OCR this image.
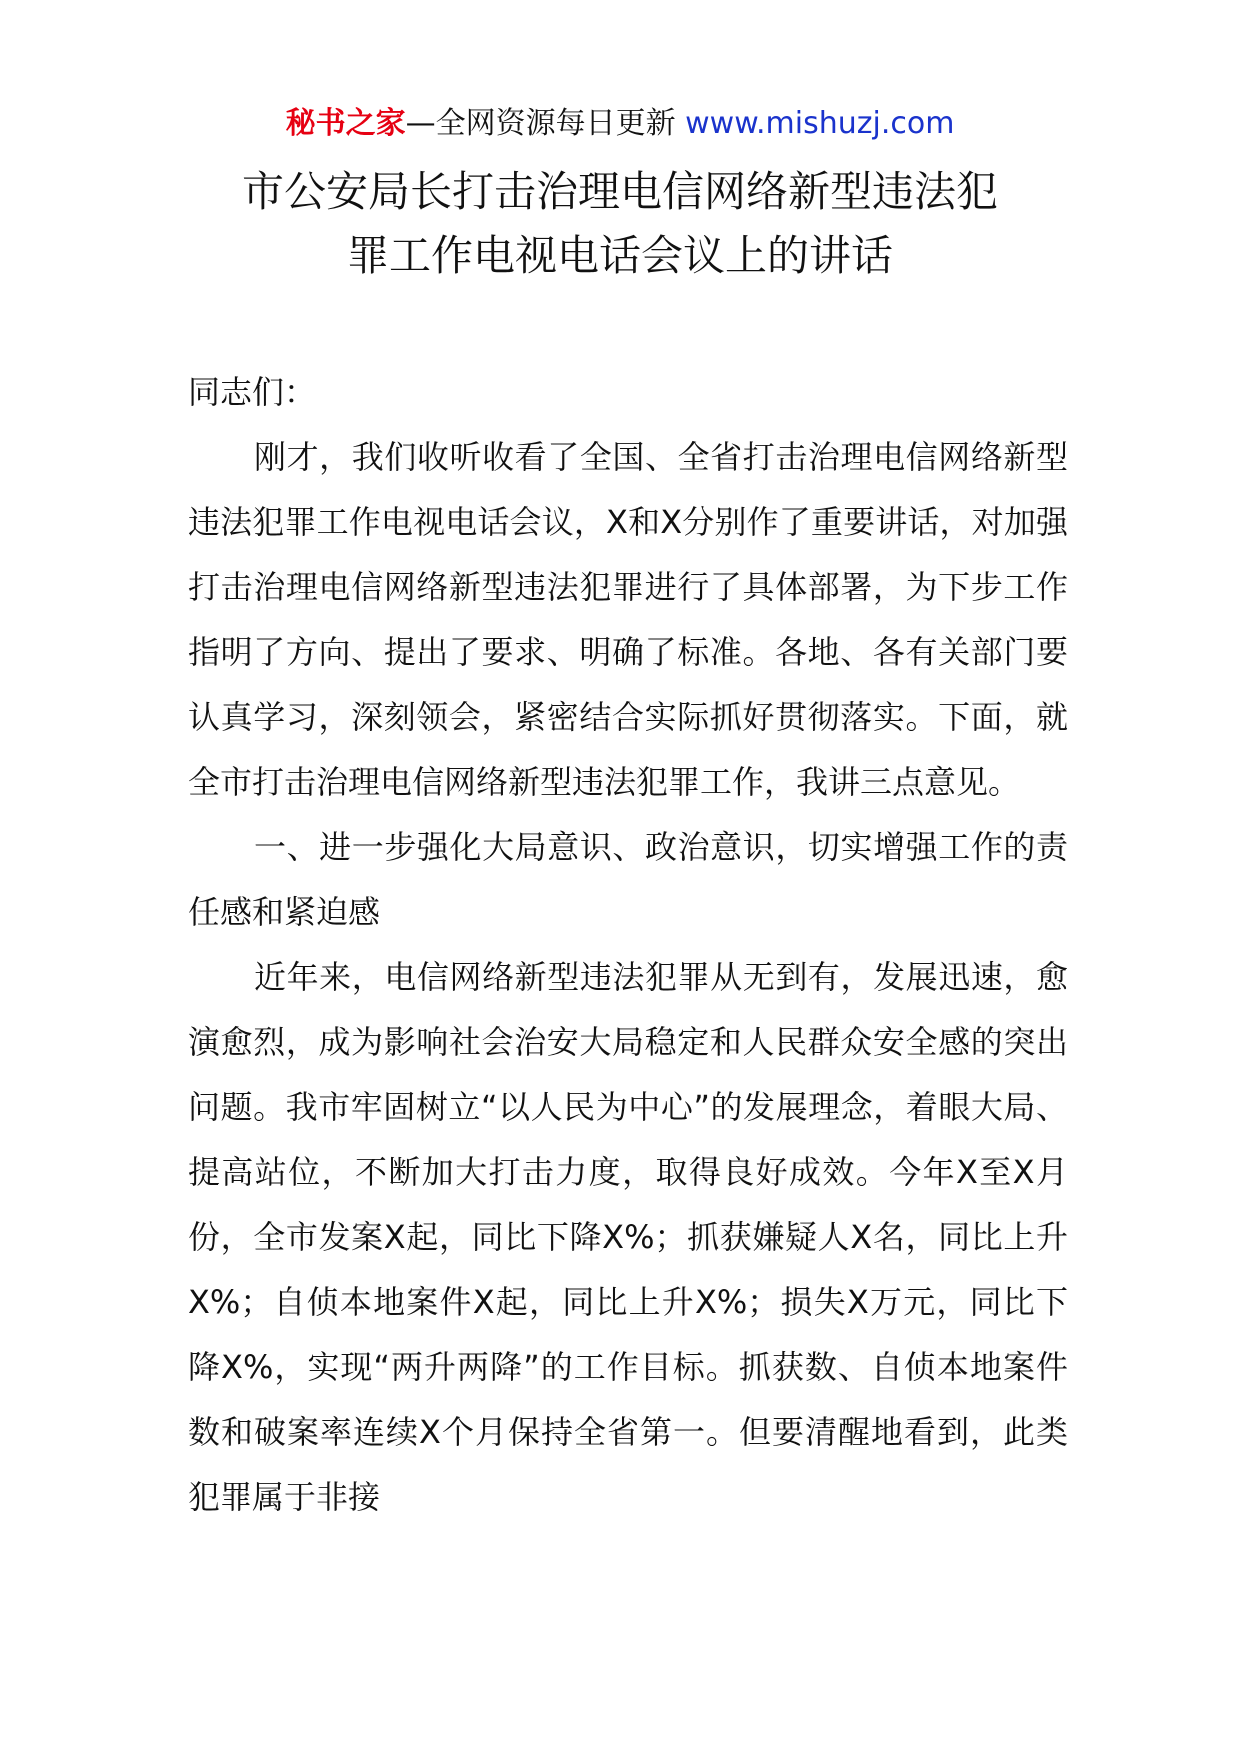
秘书之家—全网资源每日更新 www.mishuzj.com
市公安局长打击治理电信网络新型违法犯
罪工作电视电话会议上的讲话

同志们：

刚才，我们收听收看了全国、全省打击治理电信网络新型违法犯罪工作电视电话会议，X和X分别作了重要讲话，对加强打击治理电信网络新型违法犯罪进行了具体部署，为下步工作指明了方向、提出了要求、明确了标准。各地、各有关部门要认真学习，深刻领会，紧密结合实际抓好贯彻落实。下面，就全市打击治理电信网络新型违法犯罪工作，我讲三点意见。

一、进一步强化大局意识、政治意识，切实增强工作的责任感和紧迫感

近年来，电信网络新型违法犯罪从无到有，发展迅速，愈演愈烈，成为影响社会治安大局稳定和人民群众安全感的突出问题。我市牢固树立“以人民为中心”的发展理念，着眼大局、提高站位，不断加大打击力度，取得良好成效。今年X至X月份，全市发案X起，同比下降X%；抓获嫌疑人X名，同比上升X%；自侦本地案件X起，同比上升X%；损失X万元，同比下降X%，实现“两升两降”的工作目标。抓获数、自侦本地案件数和破案率连续X个月保持全省第一。但要清醒地看到，此类犯罪属于非接
